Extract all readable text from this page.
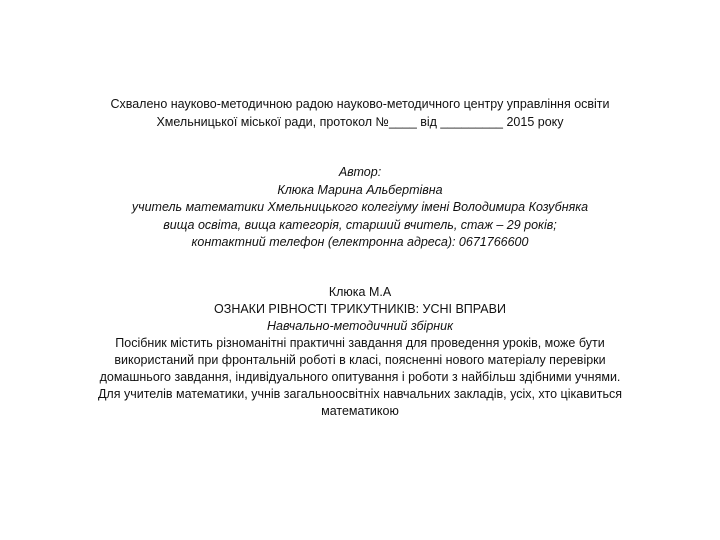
Схвалено науково-методичною радою науково-методичного центру управління освіти
Хмельницької міської ради, протокол №____ від _________ 2015 року
Автор:
Клюка Марина Альбертівна
учитель математики Хмельницького колегіуму імені Володимира Козубняка
вища освіта, вища категорія, старший вчитель, стаж – 29 років;
контактний телефон (електронна адреса): 0671766600
Клюка М.А
ОЗНАКИ РІВНОСТІ ТРИКУТНИКІВ: УСНІ ВПРАВИ
Навчально-методичний збірник
Посібник містить різноманітні практичні завдання для проведення уроків, може бути
використаний при фронтальній роботі в класі, поясненні нового матеріалу перевірки
домашнього завдання, індивідуального опитування і роботи з найбільш здібними учнями.
Для учителів математики, учнів загальноосвітніх навчальних закладів, усіх, хто цікавиться
математикою
